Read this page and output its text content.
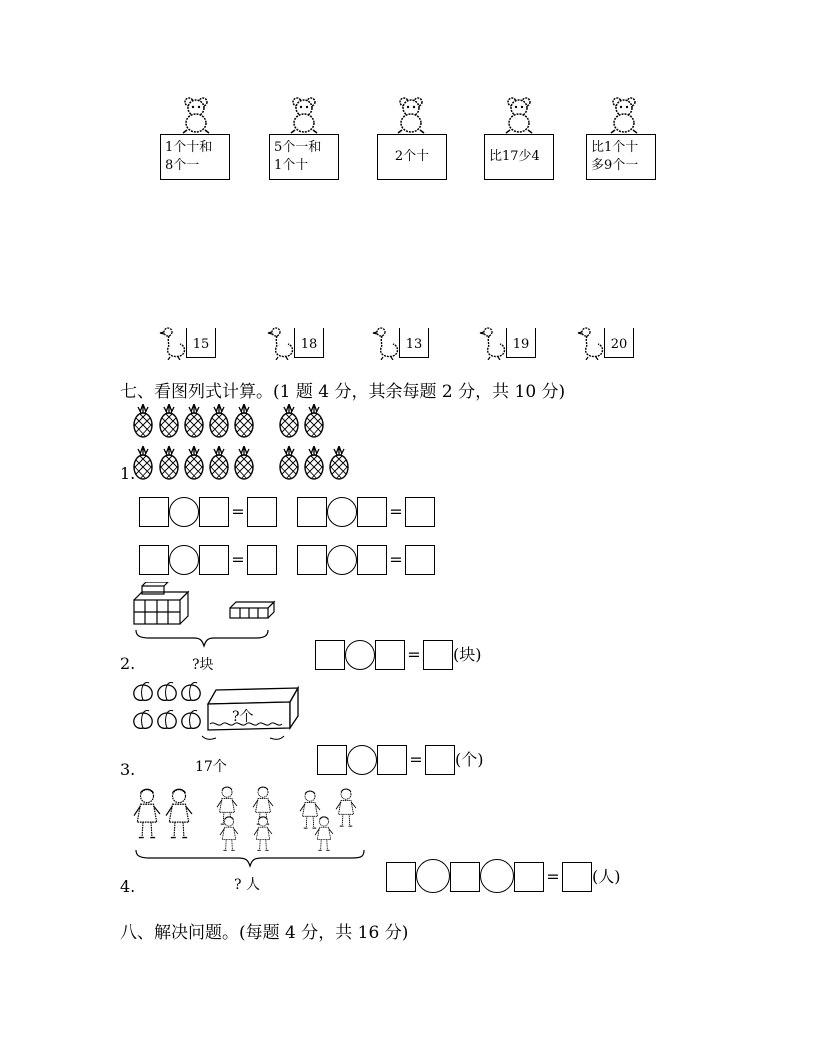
1个十和
8个一
5个一和
1个十
2个十	比17少4
比1个十
多9个一
15	18	13	19	20
七、看图列式计算。(1 题 4 分，其余每题 2 分，共 10 分)
1.
=	=
=	=
2.	?块
= (块)
?个
3.	17个	= (个)
4.	? 人	= (人)
八、解决问题。(每题 4 分，共 16 分)
